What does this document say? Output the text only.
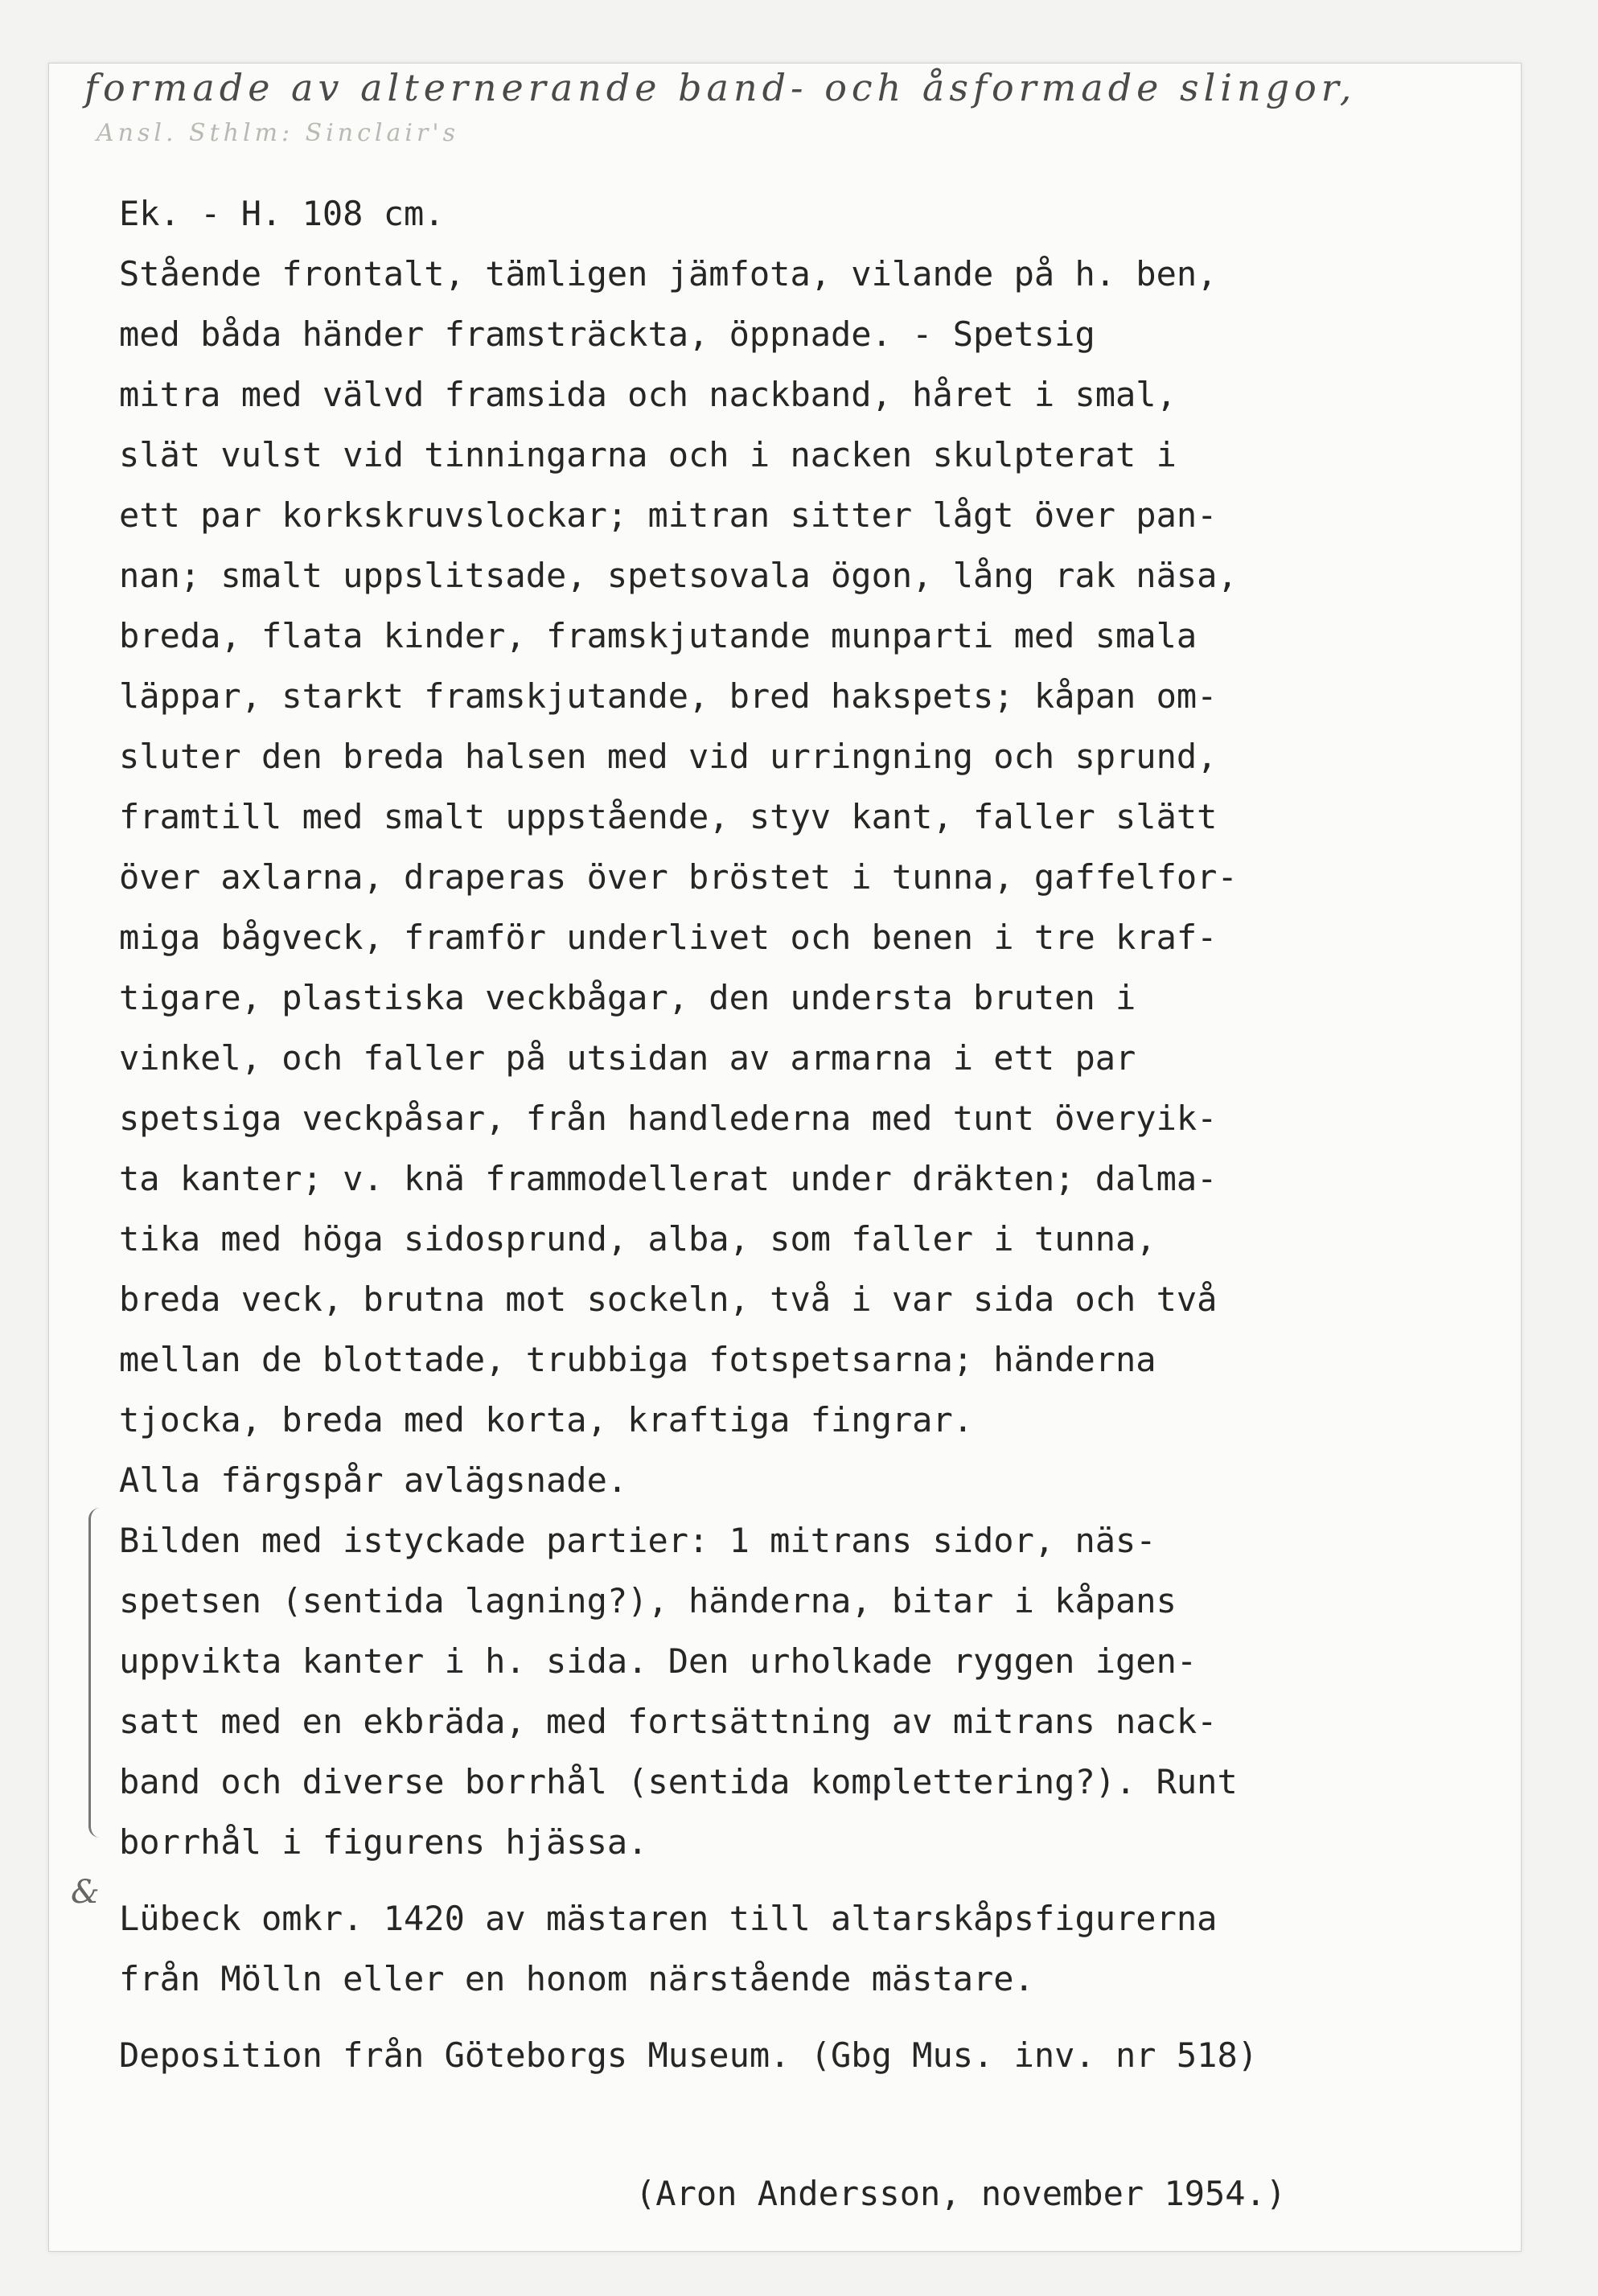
formade av alternerande band- och åsformade slingor,
Ansl. Sthlm: Sinclair's
&
Ek. - H. 108 cm.
Stående frontalt, tämligen jämfota, vilande på h. ben,
med båda händer framsträckta, öppnade. - Spetsig
mitra med välvd framsida och nackband, håret i smal,
slät vulst vid tinningarna och i nacken skulpterat i
ett par korkskruvslockar; mitran sitter lågt över pan-
nan; smalt uppslitsade, spetsovala ögon, lång rak näsa,
breda, flata kinder, framskjutande munparti med smala
läppar, starkt framskjutande, bred hakspets; kåpan om-
sluter den breda halsen med vid urringning och sprund,
framtill med smalt uppstående, styv kant, faller slätt
över axlarna, draperas över bröstet i tunna, gaffelfor-
miga bågveck, framför underlivet och benen i tre kraf-
tigare, plastiska veckbågar, den understa bruten i
vinkel, och faller på utsidan av armarna i ett par
spetsiga veckpåsar, från handlederna med tunt överyik-
ta kanter; v. knä frammodellerat under dräkten; dalma-
tika med höga sidosprund, alba, som faller i tunna,
breda veck, brutna mot sockeln, två i var sida och två
mellan de blottade, trubbiga fotspetsarna; händerna
tjocka, breda med korta, kraftiga fingrar.
Alla färgspår avlägsnade.
Bilden med istyckade partier: 1 mitrans sidor, näs-
spetsen (sentida lagning?), händerna, bitar i kåpans
uppvikta kanter i h. sida. Den urholkade ryggen igen-
satt med en ekbräda, med fortsättning av mitrans nack-
band och diverse borrhål (sentida komplettering?). Runt
borrhål i figurens hjässa.
Lübeck omkr. 1420 av mästaren till altarskåpsfigurerna
från Mölln eller en honom närstående mästare.
Deposition från Göteborgs Museum. (Gbg Mus. inv. nr 518)
(Aron Andersson, november 1954.)
